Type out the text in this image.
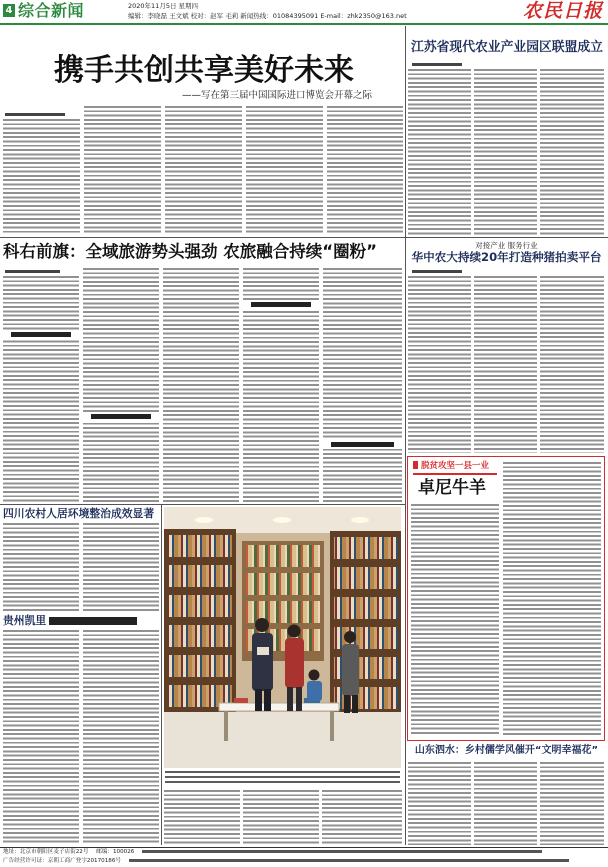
4 综合新闻	2020年11月5日 星期四
编辑：李晓磊 王文斌 校对：赵军 毛莉 新闻热线：01084395091 E-mail：zhk2350@163.net	农民日报
携手共创共享美好未来
——写在第三届中国国际进口博览会开幕之际
江苏省现代农业产业园区联盟成立
科右前旗：全域旅游势头强劲 农旅融合持续“圈粉”	对接产业 服务行业
华中农大持续20年打造种猪拍卖平台
脱贫攻坚一县一业
卓尼牛羊
四川农村人居环境整治成效显著
贵州凯里
山东泗水：乡村儒学风催开“文明幸福花”
地址：北京市朝阳区麦子店街22号 邮编：100026
广告经营许可证：京朝工商广登字20170186号
